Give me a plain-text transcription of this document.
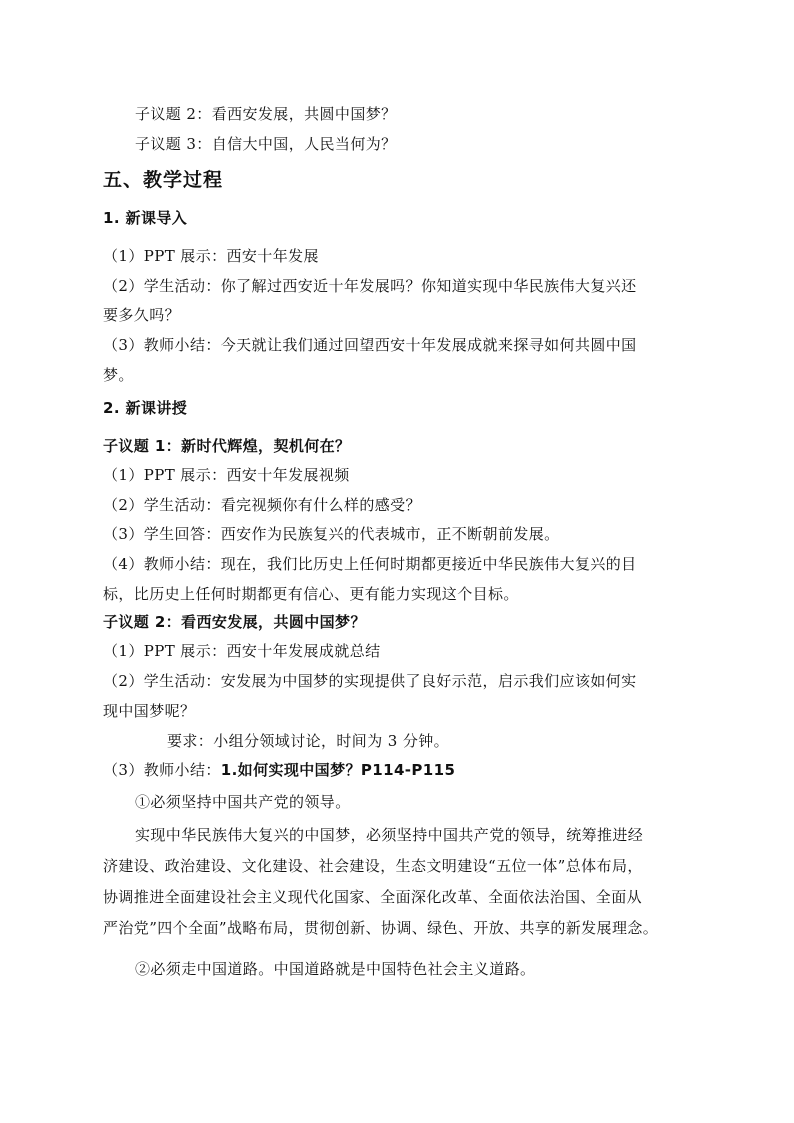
子议题 2：看西安发展，共圆中国梦？
子议题 3：自信大中国，人民当何为？
五、教学过程
1. 新课导入
（1）PPT 展示：西安十年发展
（2）学生活动：你了解过西安近十年发展吗？你知道实现中华民族伟大复兴还
要多久吗？
（3）教师小结：今天就让我们通过回望西安十年发展成就来探寻如何共圆中国
梦。
2. 新课讲授
子议题 1：新时代辉煌，契机何在？
（1）PPT 展示：西安十年发展视频
（2）学生活动：看完视频你有什么样的感受？
（3）学生回答：西安作为民族复兴的代表城市，正不断朝前发展。
（4）教师小结：现在，我们比历史上任何时期都更接近中华民族伟大复兴的目
标，比历史上任何时期都更有信心、更有能力实现这个目标。
子议题 2：看西安发展，共圆中国梦？
（1）PPT 展示：西安十年发展成就总结
（2）学生活动：安发展为中国梦的实现提供了良好示范，启示我们应该如何实
现中国梦呢？
要求：小组分领域讨论，时间为 3 分钟。
（3）教师小结：1.如何实现中国梦？P114-P115
①必须坚持中国共产党的领导。
实现中华民族伟大复兴的中国梦，必须坚持中国共产党的领导，统筹推进经
济建设、政治建设、文化建设、社会建设，生态文明建设“五位一体”总体布局，
协调推进全面建设社会主义现代化国家、全面深化改革、全面依法治国、全面从
严治党”四个全面”战略布局，贯彻创新、协调、绿色、开放、共享的新发展理念。
②必须走中国道路。中国道路就是中国特色社会主义道路。
